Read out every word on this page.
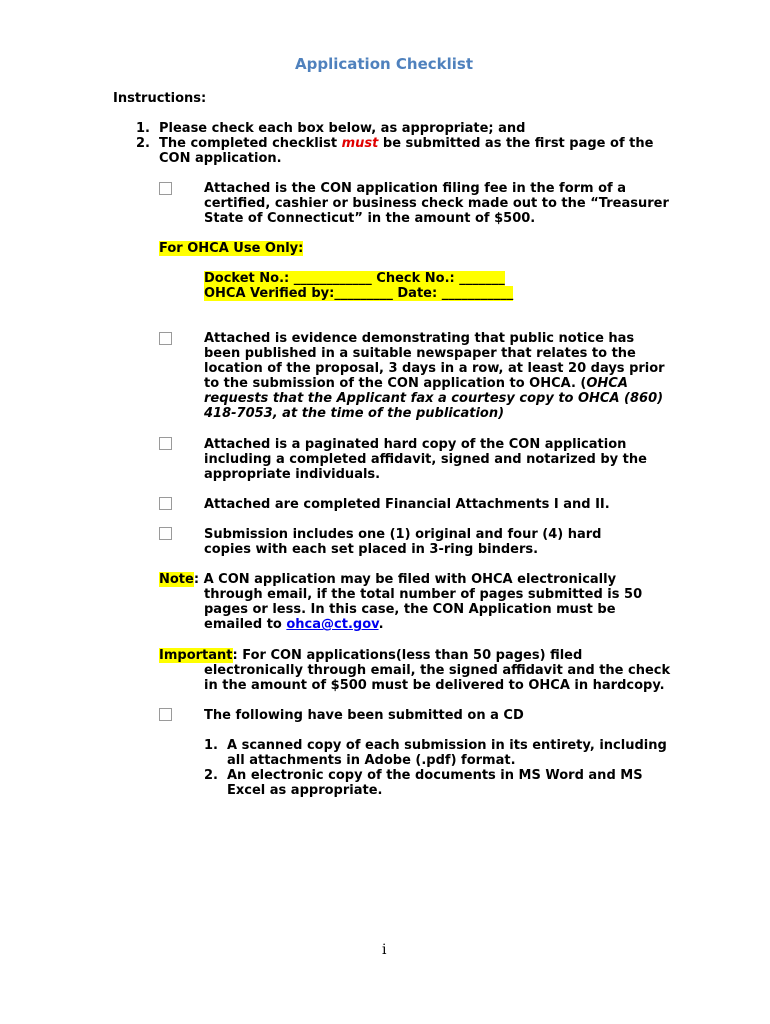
Application Checklist
Instructions:
1. Please check each box below, as appropriate; and
2. The completed checklist must be submitted as the first page of the
CON application.
Attached is the CON application filing fee in the form of a
certified, cashier or business check made out to the “Treasurer
State of Connecticut” in the amount of $500.
For OHCA Use Only:
Docket No.: ____________ Check No.: _______
OHCA Verified by:_________ Date: ___________
Attached is evidence demonstrating that public notice has
been published in a suitable newspaper that relates to the
location of the proposal, 3 days in a row, at least 20 days prior
to the submission of the CON application to OHCA. (OHCA
requests that the Applicant fax a courtesy copy to OHCA (860)
418-7053, at the time of the publication)
Attached is a paginated hard copy of the CON application
including a completed affidavit, signed and notarized by the
appropriate individuals.
Attached are completed Financial Attachments I and II.
Submission includes one (1) original and four (4) hard
copies with each set placed in 3-ring binders.
Note: A CON application may be filed with OHCA electronically
through email, if the total number of pages submitted is 50
pages or less. In this case, the CON Application must be
emailed to ohca@ct.gov.
Important: For CON applications(less than 50 pages) filed
electronically through email, the signed affidavit and the check
in the amount of $500 must be delivered to OHCA in hardcopy.
The following have been submitted on a CD
1. A scanned copy of each submission in its entirety, including
all attachments in Adobe (.pdf) format.
2. An electronic copy of the documents in MS Word and MS
Excel as appropriate.
i
